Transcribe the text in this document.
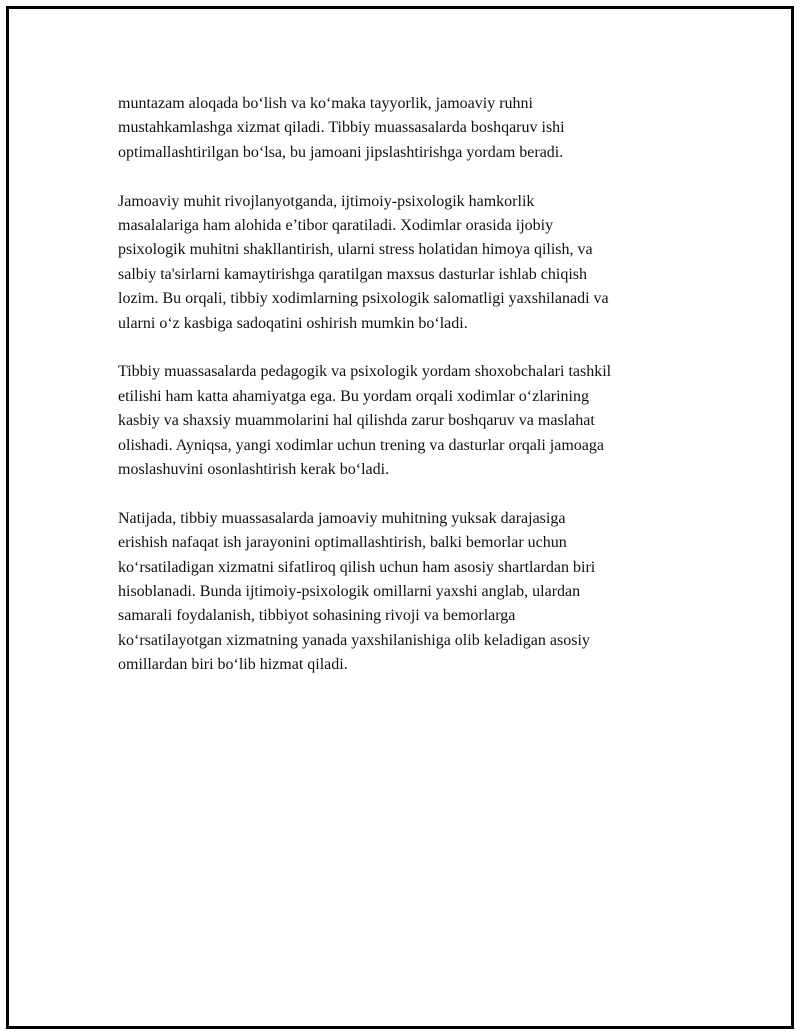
muntazam aloqada bo‘lish va ko‘maka tayyorlik, jamoaviy ruhni
mustahkamlashga xizmat qiladi. Tibbiy muassasalarda boshqaruv ishi
optimallashtirilgan bo‘lsa, bu jamoani jipslashtirishga yordam beradi.

Jamoaviy muhit rivojlanyotganda, ijtimoiy-psixologik hamkorlik
masalalariga ham alohida e’tibor qaratiladi. Xodimlar orasida ijobiy
psixologik muhitni shakllantirish, ularni stress holatidan himoya qilish, va
salbiy ta'sirlarni kamaytirishga qaratilgan maxsus dasturlar ishlab chiqish
lozim. Bu orqali, tibbiy xodimlarning psixologik salomatligi yaxshilanadi va
ularni o‘z kasbiga sadoqatini oshirish mumkin bo‘ladi.

Tibbiy muassasalarda pedagogik va psixologik yordam shoxobchalari tashkil
etilishi ham katta ahamiyatga ega. Bu yordam orqali xodimlar o‘zlarining
kasbiy va shaxsiy muammolarini hal qilishda zarur boshqaruv va maslahat
olishadi. Ayniqsa, yangi xodimlar uchun trening va dasturlar orqali jamoaga
moslashuvini osonlashtirish kerak bo‘ladi.

Natijada, tibbiy muassasalarda jamoaviy muhitning yuksak darajasiga
erishish nafaqat ish jarayonini optimallashtirish, balki bemorlar uchun
ko‘rsatiladigan xizmatni sifatliroq qilish uchun ham asosiy shartlardan biri
hisoblanadi. Bunda ijtimoiy-psixologik omillarni yaxshi anglab, ulardan
samarali foydalanish, tibbiyot sohasining rivoji va bemorlarga
ko‘rsatilayotgan xizmatning yanada yaxshilanishiga olib keladigan asosiy
omillardan biri bo‘lib hizmat qiladi.
